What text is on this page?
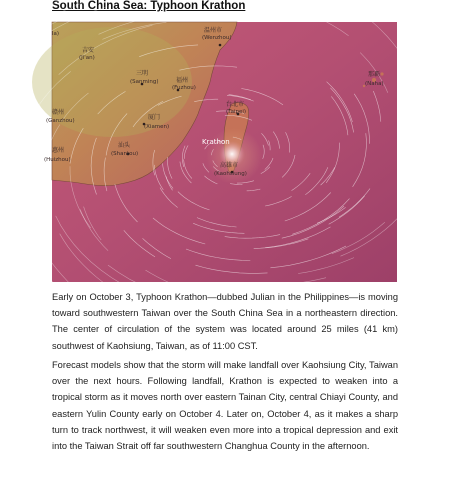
South China Sea: Typhoon Krathon
Krathon
温州市
(Wenzhou)
吉安
(Ji'an)
三明
(Sanming)	福州
(Fuzhou)
台北市
(Taipei)
那覇
(Naha)
厦门
(Xiamen)
赣州
(Ganzhou)
汕头
(Shantou)
惠州
(Huizhou)
高雄市
(Kaohsiung)
la)

Early on October 3, Typhoon Krathon—dubbed Julian in the Philippines—is moving toward southwestern Taiwan over the South China Sea in a northeastern direction. The center of circulation of the system was located around 25 miles (41 km) southwest of Kaohsiung, Taiwan, as of 11:00 CST.

Forecast models show that the storm will make landfall over Kaohsiung City, Taiwan over the next hours. Following landfall, Krathon is expected to weaken into a tropical storm as it moves north over eastern Tainan City, central Chiayi County, and eastern Yulin County early on October 4. Later on, October 4, as it makes a sharp turn to track northwest, it will weaken even more into a tropical depression and exit into the Taiwan Strait off far southwestern Changhua County in the afternoon.
